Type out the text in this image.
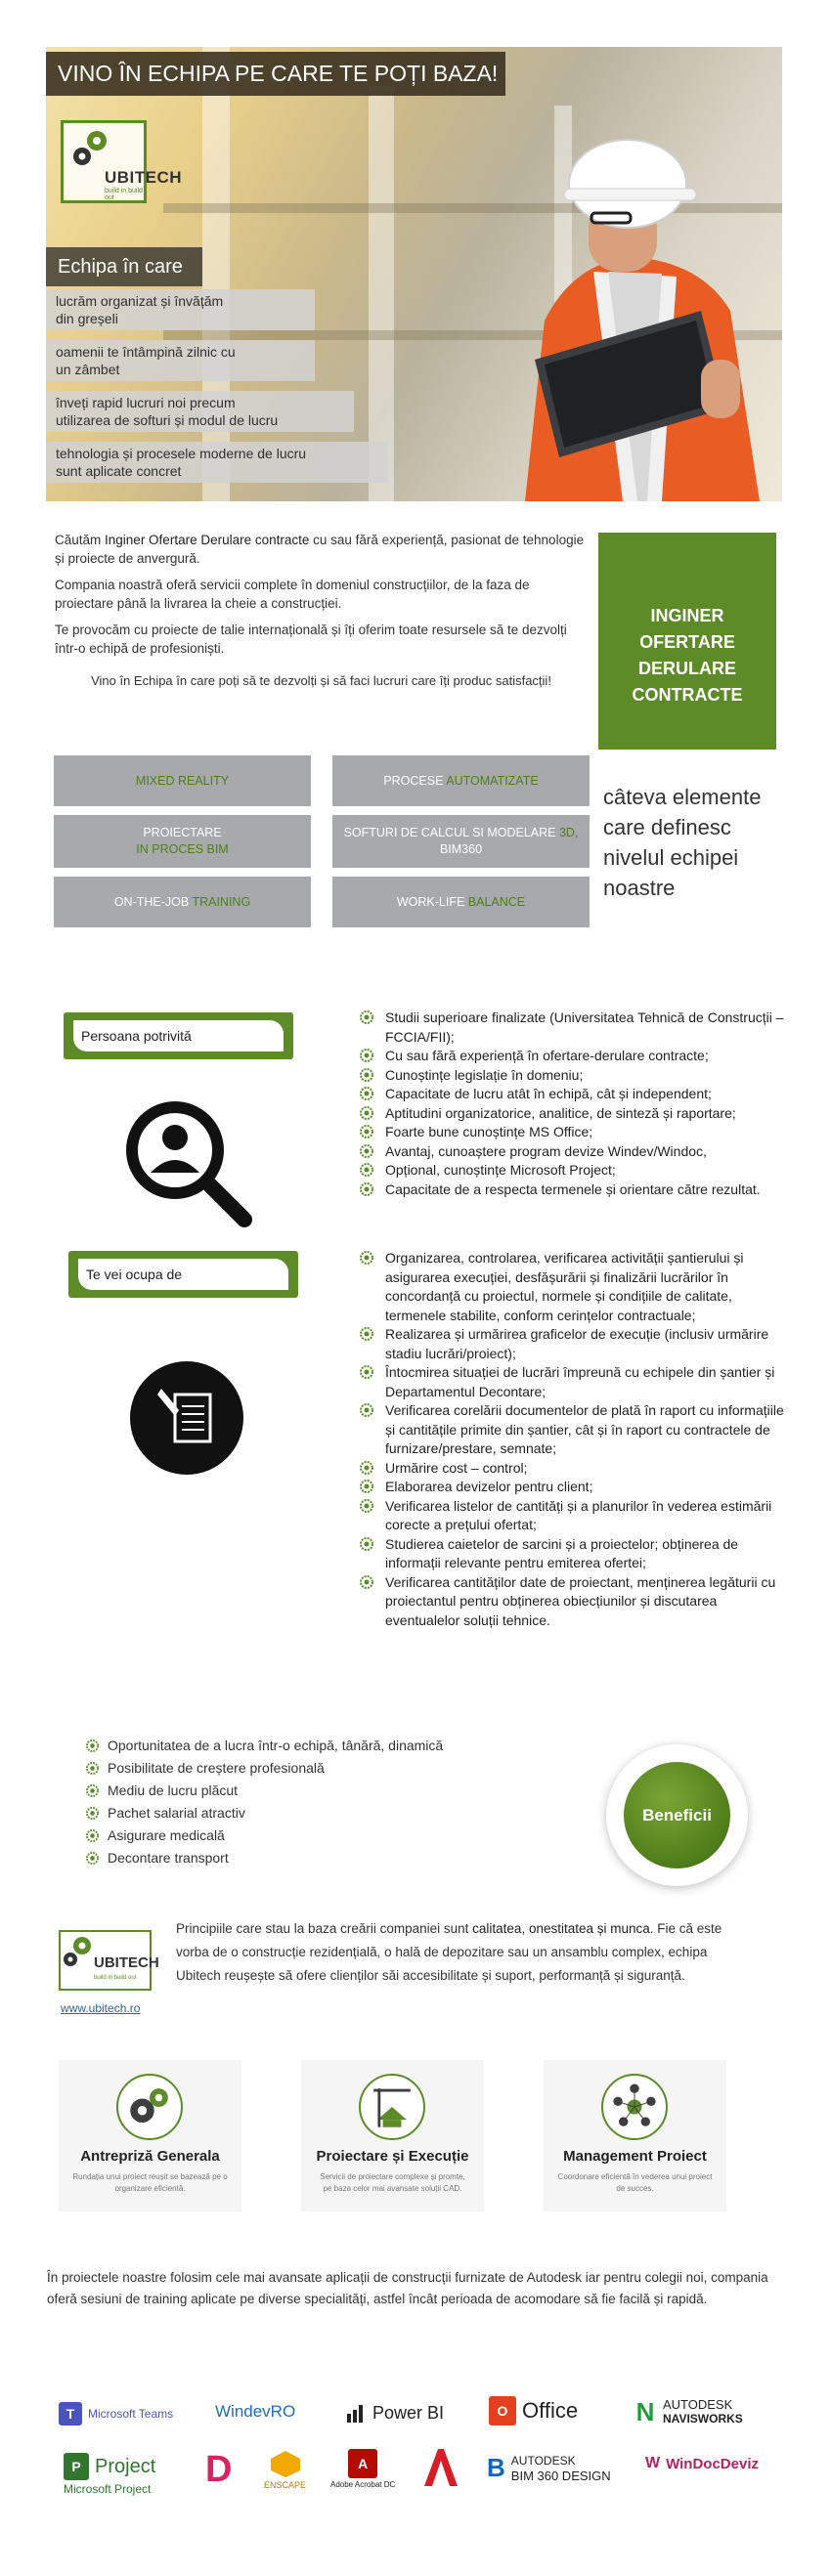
VINO ÎN ECHIPA PE CARE TE POȚI BAZA!
UBITECH
build in build out
Echipa în care
lucrăm organizat și învățăm
din greșeli
oamenii te întâmpină zilnic cu
un zâmbet
înveți rapid lucruri noi precum
utilizarea de softuri și modul de lucru
tehnologia și procesele moderne de lucru
sunt aplicate concret

Căutăm Inginer Ofertare Derulare contracte cu sau fără experiență, pasionat de tehnologie și proiecte de anvergură.

Compania noastră oferă servicii complete în domeniul construcțiilor, de la faza de proiectare până la livrarea la cheie a construcției.

Te provocăm cu proiecte de talie internațională și îți oferim toate resursele să te dezvolți într-o echipă de profesioniști.

Vino în Echipa în care poți să te dezvolți și să faci lucruri care îți produc satisfacții!

INGINER
OFERTARE
DERULARE
CONTRACTE
MIXED REALITY	PROCESE AUTOMATIZATE
PROIECTARE
IN PROCES BIM
SOFTURI DE CALCUL SI MODELARE 3D,
BIM360
ON-THE-JOB TRAINING	WORK-LIFE BALANCE
câteva elemente care definesc nivelul echipei noastre
Persoana potrivită
Studii superioare finalizate (Universitatea Tehnică de Construcții – FCCIA/FII);
Cu sau fără experiență în ofertare-derulare contracte;
Cunoștințe legislație în domeniu;
Capacitate de lucru atât în echipă, cât și independent;
Aptitudini organizatorice, analitice, de sinteză și raportare;
Foarte bune cunoștințe MS Office;
Avantaj, cunoaștere program devize Windev/Windoc,
Opțional, cunoștințe Microsoft Project;
Capacitate de a respecta termenele și orientare către rezultat.
Te vei ocupa de
Organizarea, controlarea, verificarea activității șantierului și asigurarea execuției, desfășurării și finalizării lucrărilor în concordanță cu proiectul, normele și condițiile de calitate, termenele stabilite, conform cerințelor contractuale;
Realizarea și urmărirea graficelor de execuție (inclusiv urmărire stadiu lucrări/proiect);
Întocmirea situației de lucrări împreună cu echipele din șantier și Departamentul Decontare;
Verificarea corelării documentelor de plată în raport cu informațiile și cantitățile primite din șantier, cât și în raport cu contractele de furnizare/prestare, semnate;
Urmărire cost – control;
Elaborarea devizelor pentru client;
Verificarea listelor de cantități și a planurilor în vederea estimării corecte a prețului ofertat;
Studierea caietelor de sarcini și a proiectelor; obținerea de informații relevante pentru emiterea ofertei;
Verificarea cantităților date de proiectant, menținerea legăturii cu proiectantul pentru obținerea obiecțiunilor și discutarea eventualelor soluții tehnice.
Oportunitatea de a lucra într-o echipă, tânără, dinamică
Posibilitate de creștere profesională
Mediu de lucru plăcut
Pachet salarial atractiv
Asigurare medicală
Decontare transport
Beneficii
UBITECH
build in build out
www.ubitech.ro
Principiile care stau la baza creării companiei sunt calitatea, onestitatea și munca. Fie că este vorba de o construcție rezidențială, o hală de depozitare sau un ansamblu complex, echipa Ubitech reușește să ofere clienților săi accesibilitate și suport, performanță și siguranță.
Antrepriză Generala
Rundația unui proiect reușit se bazează pe o organizare eficientă.
Proiectare și Execuție
Servicii de proiectare complexe și promte, pe baza celor mai avansate soluții CAD.
Management Proiect
Coordonare eficientă în vederea unui proiect de succes.
În proiectele noastre folosim cele mai avansate aplicații de construcții furnizate de Autodesk iar pentru colegii noi, compania oferă sesiuni de training aplicate pe diverse specialități, astfel încât perioada de acomodare să fie facilă și rapidă.
T	Microsoft Teams	WindevRO	Power BI	O Office N AUTODESK
NAVISWORKS
P Project
Microsoft Project D	ENSCAPE
A
Adobe Acrobat DC
B AUTODESK
BIM 360 DESIGN
W WinDocDeviz
